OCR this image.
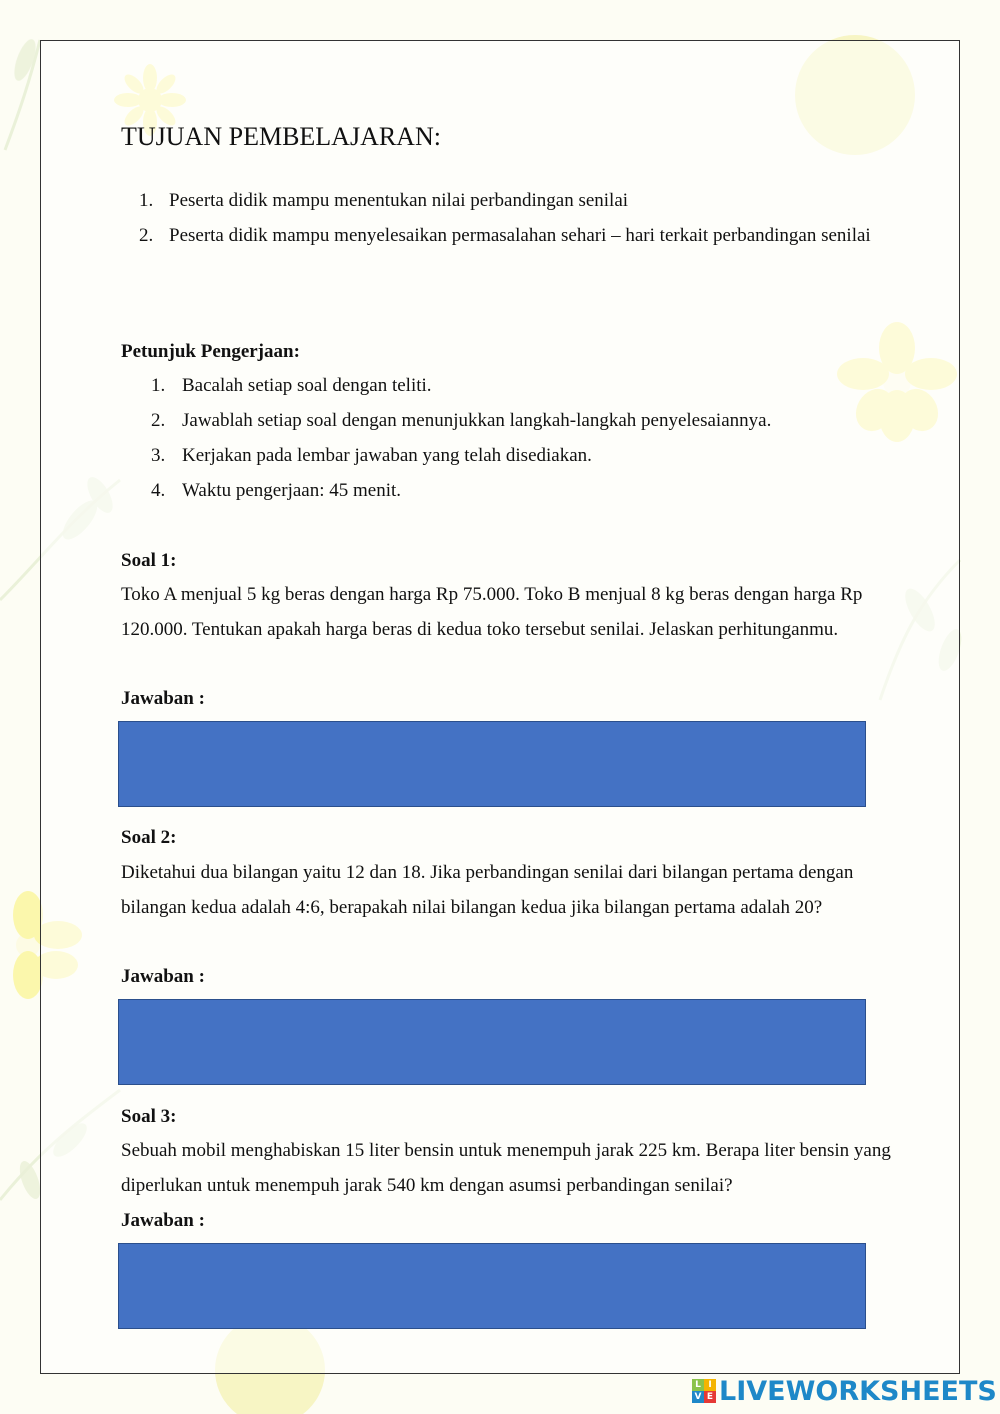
TUJUAN PEMBELAJARAN:
1. Peserta didik mampu menentukan nilai perbandingan senilai
2. Peserta didik mampu menyelesaikan permasalahan sehari – hari terkait perbandingan senilai
Petunjuk Pengerjaan:
1. Bacalah setiap soal dengan teliti.
2. Jawablah setiap soal dengan menunjukkan langkah-langkah penyelesaiannya.
3. Kerjakan pada lembar jawaban yang telah disediakan.
4. Waktu pengerjaan: 45 menit.
Soal 1:
Toko A menjual 5 kg beras dengan harga Rp 75.000. Toko B menjual 8 kg beras dengan harga Rp 120.000. Tentukan apakah harga beras di kedua toko tersebut senilai. Jelaskan perhitunganmu.
Jawaban :
Soal 2:
Diketahui dua bilangan yaitu 12 dan 18. Jika perbandingan senilai dari bilangan pertama dengan bilangan kedua adalah 4:6, berapakah nilai bilangan kedua jika bilangan pertama adalah 20?
Jawaban :
Soal 3:
Sebuah mobil menghabiskan 15 liter bensin untuk menempuh jarak 225 km. Berapa liter bensin yang diperlukan untuk menempuh jarak 540 km dengan asumsi perbandingan senilai?
Jawaban :
L I
V E LIVEWORKSHEETS
